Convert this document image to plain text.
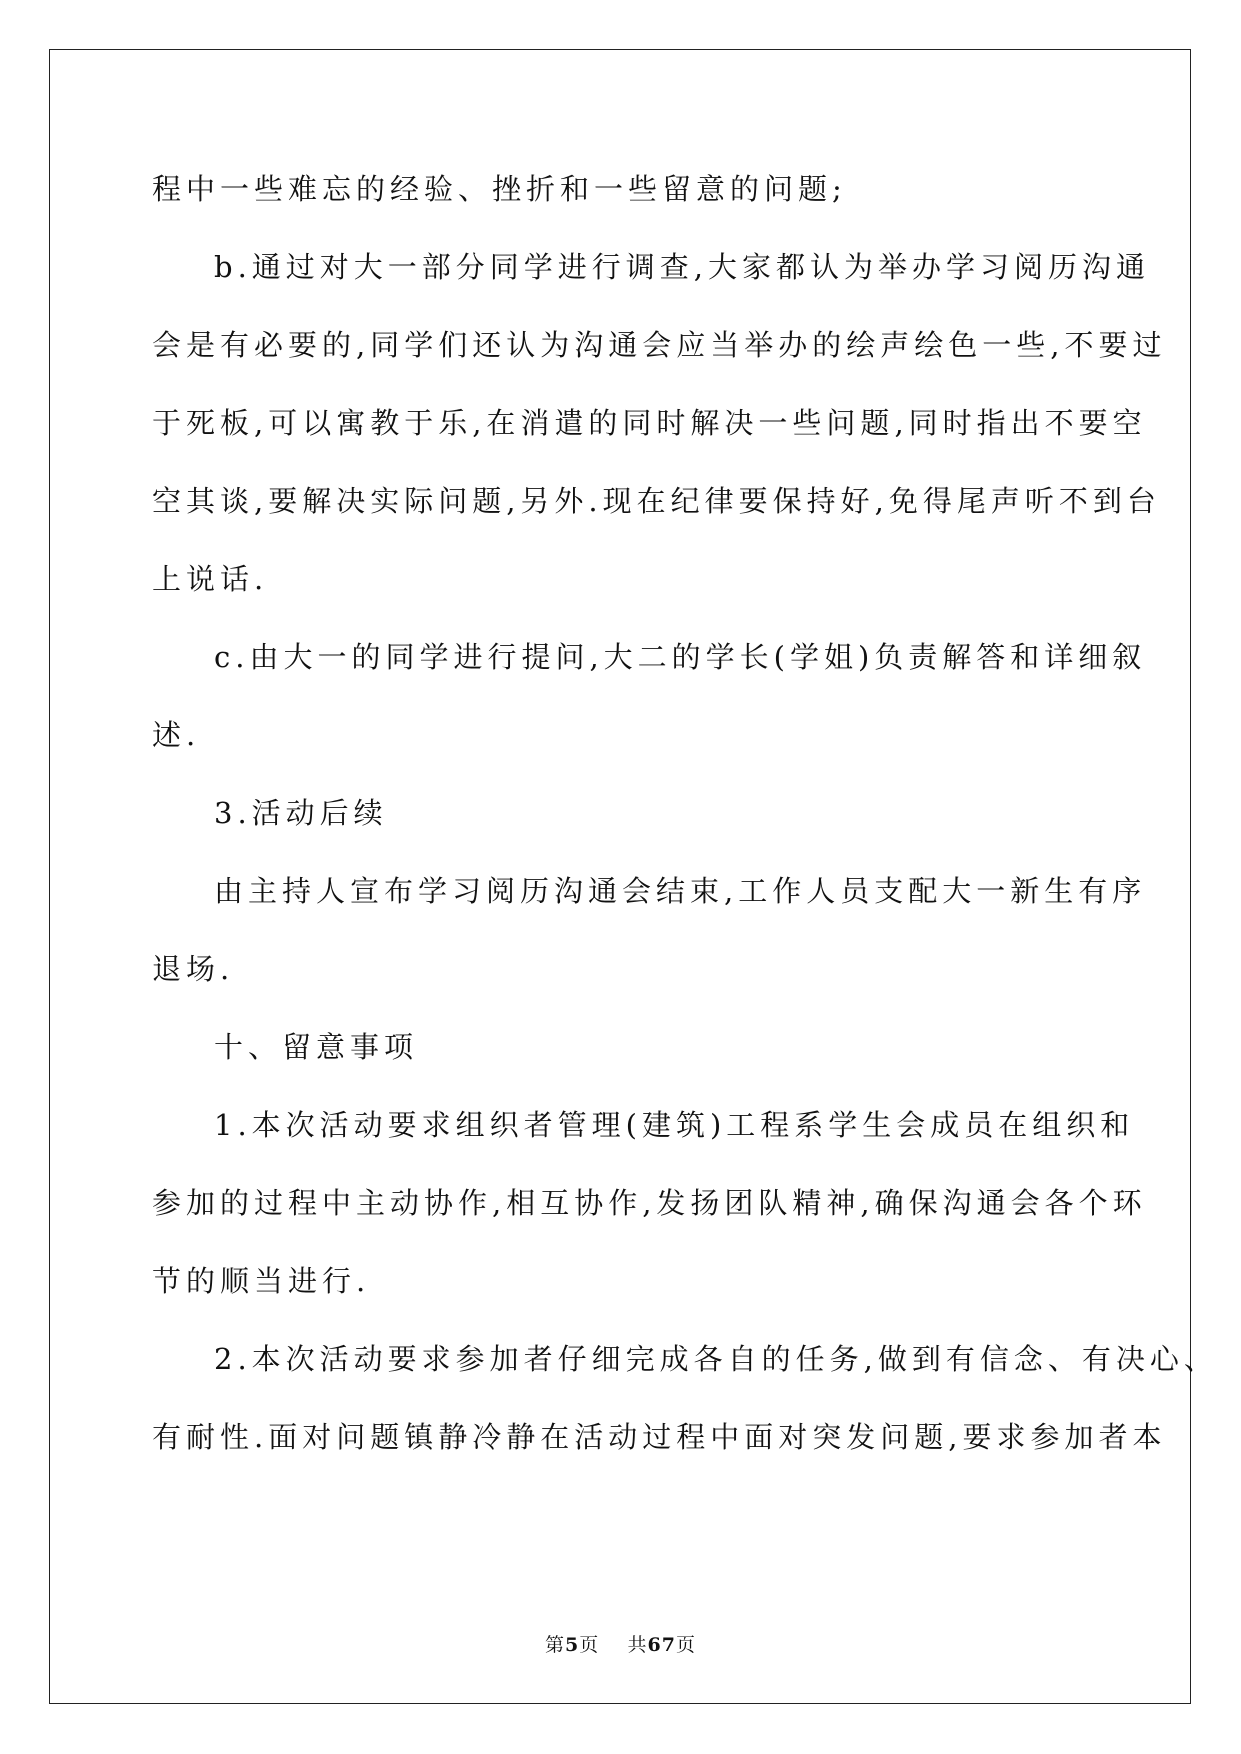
程中一些难忘的经验、挫折和一些留意的问题;
b.通过对大一部分同学进行调查,大家都认为举办学习阅历沟通
会是有必要的,同学们还认为沟通会应当举办的绘声绘色一些,不要过
于死板,可以寓教于乐,在消遣的同时解决一些问题,同时指出不要空
空其谈,要解决实际问题,另外.现在纪律要保持好,免得尾声听不到台
上说话.
c.由大一的同学进行提问,大二的学长(学姐)负责解答和详细叙
述.
3.活动后续
由主持人宣布学习阅历沟通会结束,工作人员支配大一新生有序
退场.
十、留意事项
1.本次活动要求组织者管理(建筑)工程系学生会成员在组织和
参加的过程中主动协作,相互协作,发扬团队精神,确保沟通会各个环
节的顺当进行.
2.本次活动要求参加者仔细完成各自的任务,做到有信念、有决心、
有耐性.面对问题镇静冷静在活动过程中面对突发问题,要求参加者本
第5页 共67页
